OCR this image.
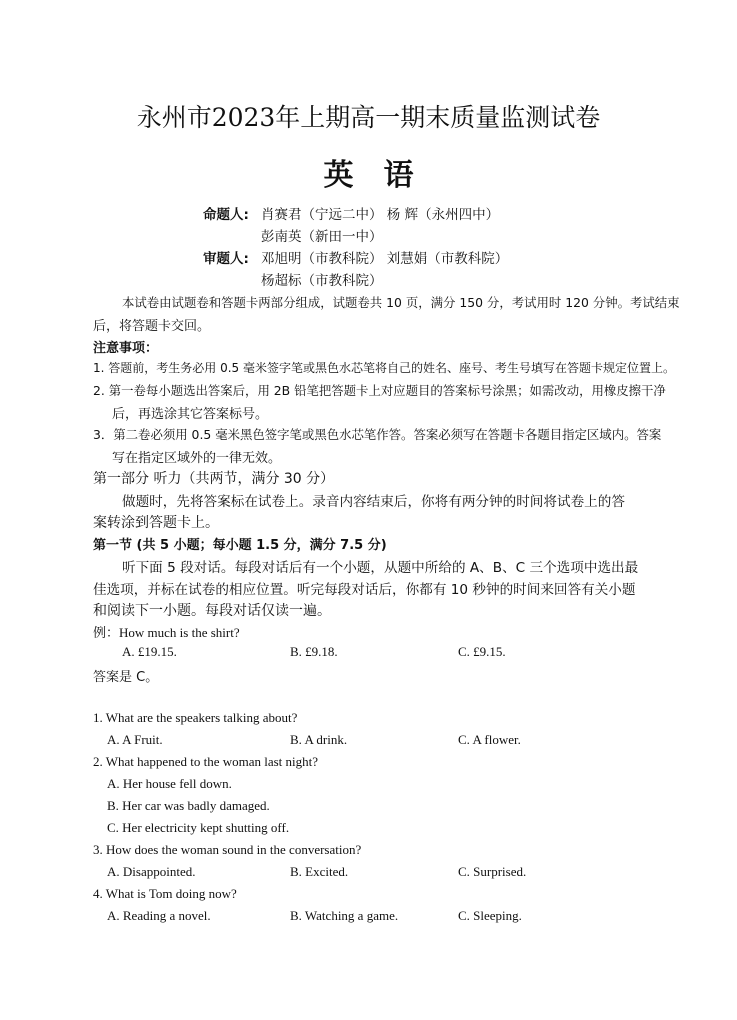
永州市2023年上期高一期末质量监测试卷
英语
命题人: 肖赛君（宁远二中） 杨 辉（永州四中）
彭南英（新田一中）
审题人: 邓旭明（市教科院） 刘慧娟（市教科院）
杨超标（市教科院）
本试卷由试题卷和答题卡两部分组成，试题卷共 10 页，满分 150 分，考试用时 120 分钟。考试结束
后，将答题卡交回。
注意事项：
1. 答题前，考生务必用 0.5 毫米签字笔或黑色水芯笔将自己的姓名、座号、考生号填写在答题卡规定位置上。
2. 第一卷每小题选出答案后，用 2B 铅笔把答题卡上对应题目的答案标号涂黑；如需改动，用橡皮擦干净
后，再选涂其它答案标号。
3．第二卷必须用 0.5 毫米黑色签字笔或黑色水芯笔作答。答案必须写在答题卡各题目指定区域内。答案
写在指定区域外的一律无效。
第一部分 听力（共两节，满分 30 分）
做题时，先将答案标在试卷上。录音内容结束后，你将有两分钟的时间将试卷上的答
案转涂到答题卡上。
第一节 (共 5 小题；每小题 1.5 分，满分 7.5 分)
听下面 5 段对话。每段对话后有一个小题，从题中所给的 A、B、C 三个选项中选出最
佳选项，并标在试卷的相应位置。听完每段对话后，你都有 10 秒钟的时间来回答有关小题
和阅读下一小题。每段对话仅读一遍。
例：How much is the shirt?
A. £19.15.	B. £9.18.	C. £9.15.
答案是 C。
1. What are the speakers talking about?
A. A Fruit.	B. A drink.	C. A flower.
2. What happened to the woman last night?
A. Her house fell down.
B. Her car was badly damaged.
C. Her electricity kept shutting off.
3. How does the woman sound in the conversation?
A. Disappointed.	B. Excited.	C. Surprised.
4. What is Tom doing now?
A. Reading a novel.	B. Watching a game.	C. Sleeping.
